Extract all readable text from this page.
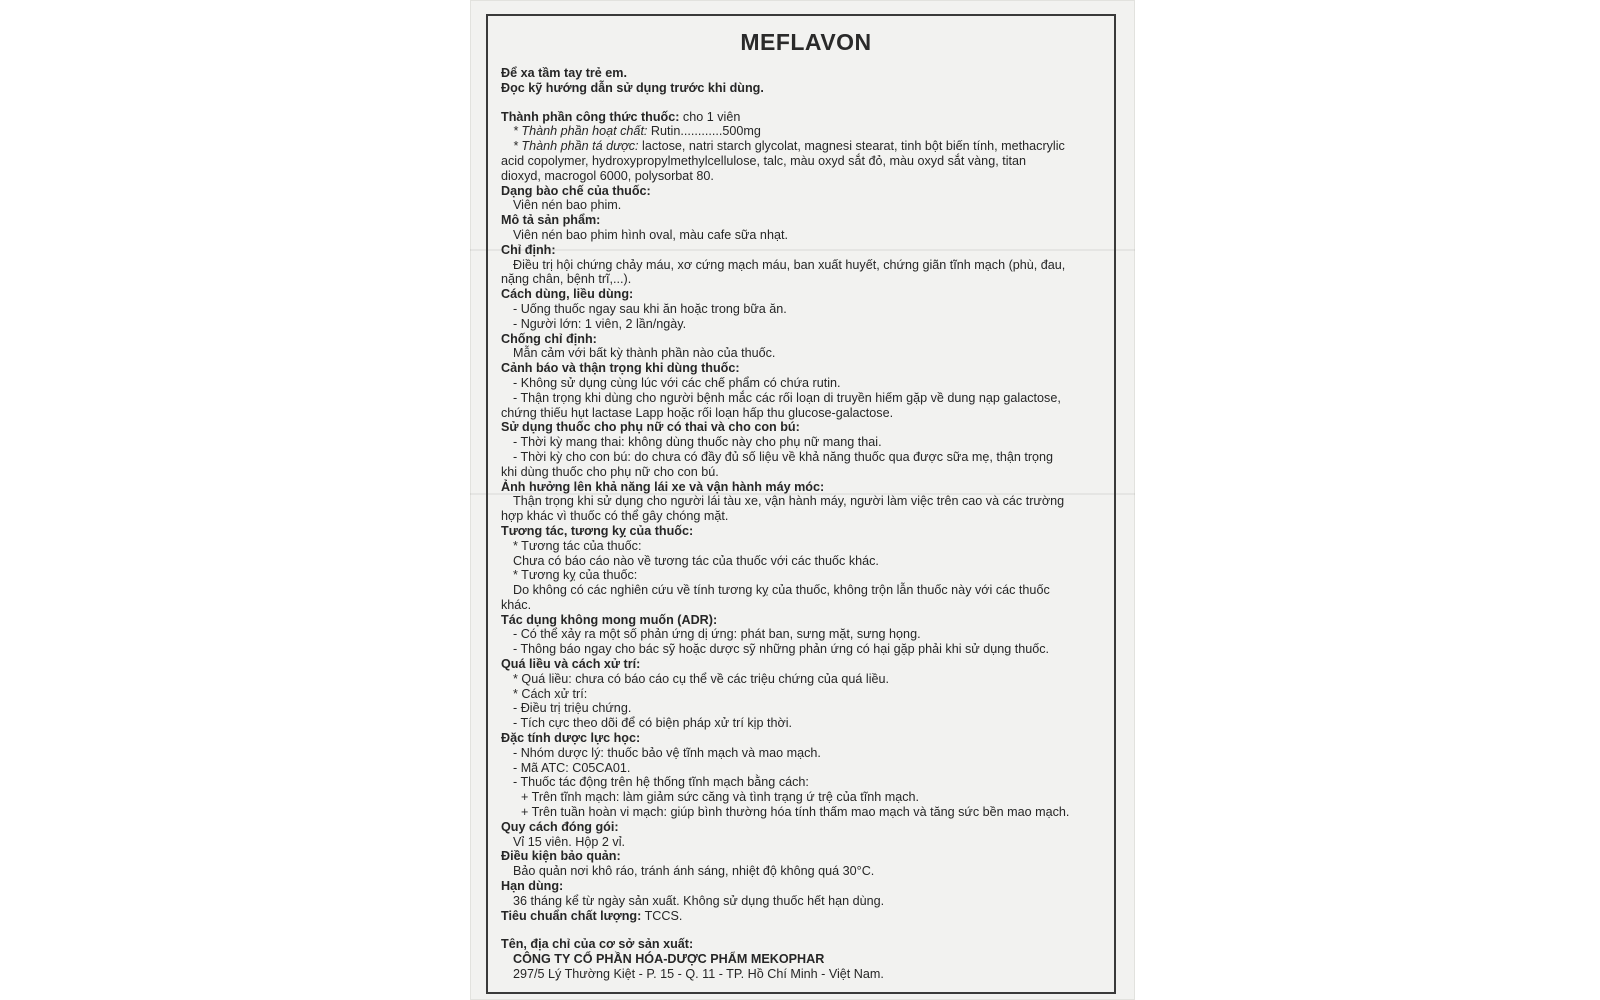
MEFLAVON
Để xa tầm tay trẻ em.
Đọc kỹ hướng dẫn sử dụng trước khi dùng.
Thành phần công thức thuốc: cho 1 viên
* Thành phần hoạt chất: Rutin............500mg
* Thành phần tá dược: lactose, natri starch glycolat, magnesi stearat, tinh bột biến tính, methacrylic
acid copolymer, hydroxypropylmethylcellulose, talc, màu oxyd sắt đỏ, màu oxyd sắt vàng, titan
dioxyd, macrogol 6000, polysorbat 80.
Dạng bào chế của thuốc:
Viên nén bao phim.
Mô tả sản phẩm:
Viên nén bao phim hình oval, màu cafe sữa nhạt.
Chỉ định:
Điều trị hội chứng chảy máu, xơ cứng mạch máu, ban xuất huyết, chứng giãn tĩnh mạch (phù, đau,
nặng chân, bệnh trĩ,...).
Cách dùng, liều dùng:
- Uống thuốc ngay sau khi ăn hoặc trong bữa ăn.
- Người lớn: 1 viên, 2 lần/ngày.
Chống chỉ định:
Mẫn cảm với bất kỳ thành phần nào của thuốc.
Cảnh báo và thận trọng khi dùng thuốc:
- Không sử dụng cùng lúc với các chế phẩm có chứa rutin.
- Thận trọng khi dùng cho người bệnh mắc các rối loạn di truyền hiếm gặp về dung nạp galactose,
chứng thiếu hụt lactase Lapp hoặc rối loạn hấp thu glucose-galactose.
Sử dụng thuốc cho phụ nữ có thai và cho con bú:
- Thời kỳ mang thai: không dùng thuốc này cho phụ nữ mang thai.
- Thời kỳ cho con bú: do chưa có đầy đủ số liệu về khả năng thuốc qua được sữa mẹ, thận trọng
khi dùng thuốc cho phụ nữ cho con bú.
Ảnh hưởng lên khả năng lái xe và vận hành máy móc:
Thận trọng khi sử dụng cho người lái tàu xe, vận hành máy, người làm việc trên cao và các trường
hợp khác vì thuốc có thể gây chóng mặt.
Tương tác, tương kỵ của thuốc:
* Tương tác của thuốc:
Chưa có báo cáo nào về tương tác của thuốc với các thuốc khác.
* Tương kỵ của thuốc:
Do không có các nghiên cứu về tính tương kỵ của thuốc, không trộn lẫn thuốc này với các thuốc
khác.
Tác dụng không mong muốn (ADR):
- Có thể xảy ra một số phản ứng dị ứng: phát ban, sưng mặt, sưng họng.
- Thông báo ngay cho bác sỹ hoặc dược sỹ những phản ứng có hại gặp phải khi sử dụng thuốc.
Quá liều và cách xử trí:
* Quá liều: chưa có báo cáo cụ thể về các triệu chứng của quá liều.
* Cách xử trí:
- Điều trị triệu chứng.
- Tích cực theo dõi để có biện pháp xử trí kịp thời.
Đặc tính dược lực học:
- Nhóm dược lý: thuốc bảo vệ tĩnh mạch và mao mạch.
- Mã ATC: C05CA01.
- Thuốc tác động trên hệ thống tĩnh mạch bằng cách:
+ Trên tĩnh mạch: làm giảm sức căng và tình trạng ứ trệ của tĩnh mạch.
+ Trên tuần hoàn vi mạch: giúp bình thường hóa tính thấm mao mạch và tăng sức bền mao mạch.
Quy cách đóng gói:
Vỉ 15 viên. Hộp 2 vỉ.
Điều kiện bảo quản:
Bảo quản nơi khô ráo, tránh ánh sáng, nhiệt độ không quá 30°C.
Hạn dùng:
36 tháng kể từ ngày sản xuất. Không sử dụng thuốc hết hạn dùng.
Tiêu chuẩn chất lượng: TCCS.
Tên, địa chỉ của cơ sở sản xuất:
CÔNG TY CỔ PHẦN HÓA-DƯỢC PHẨM MEKOPHAR
297/5 Lý Thường Kiệt - P. 15 - Q. 11 - TP. Hồ Chí Minh - Việt Nam.
